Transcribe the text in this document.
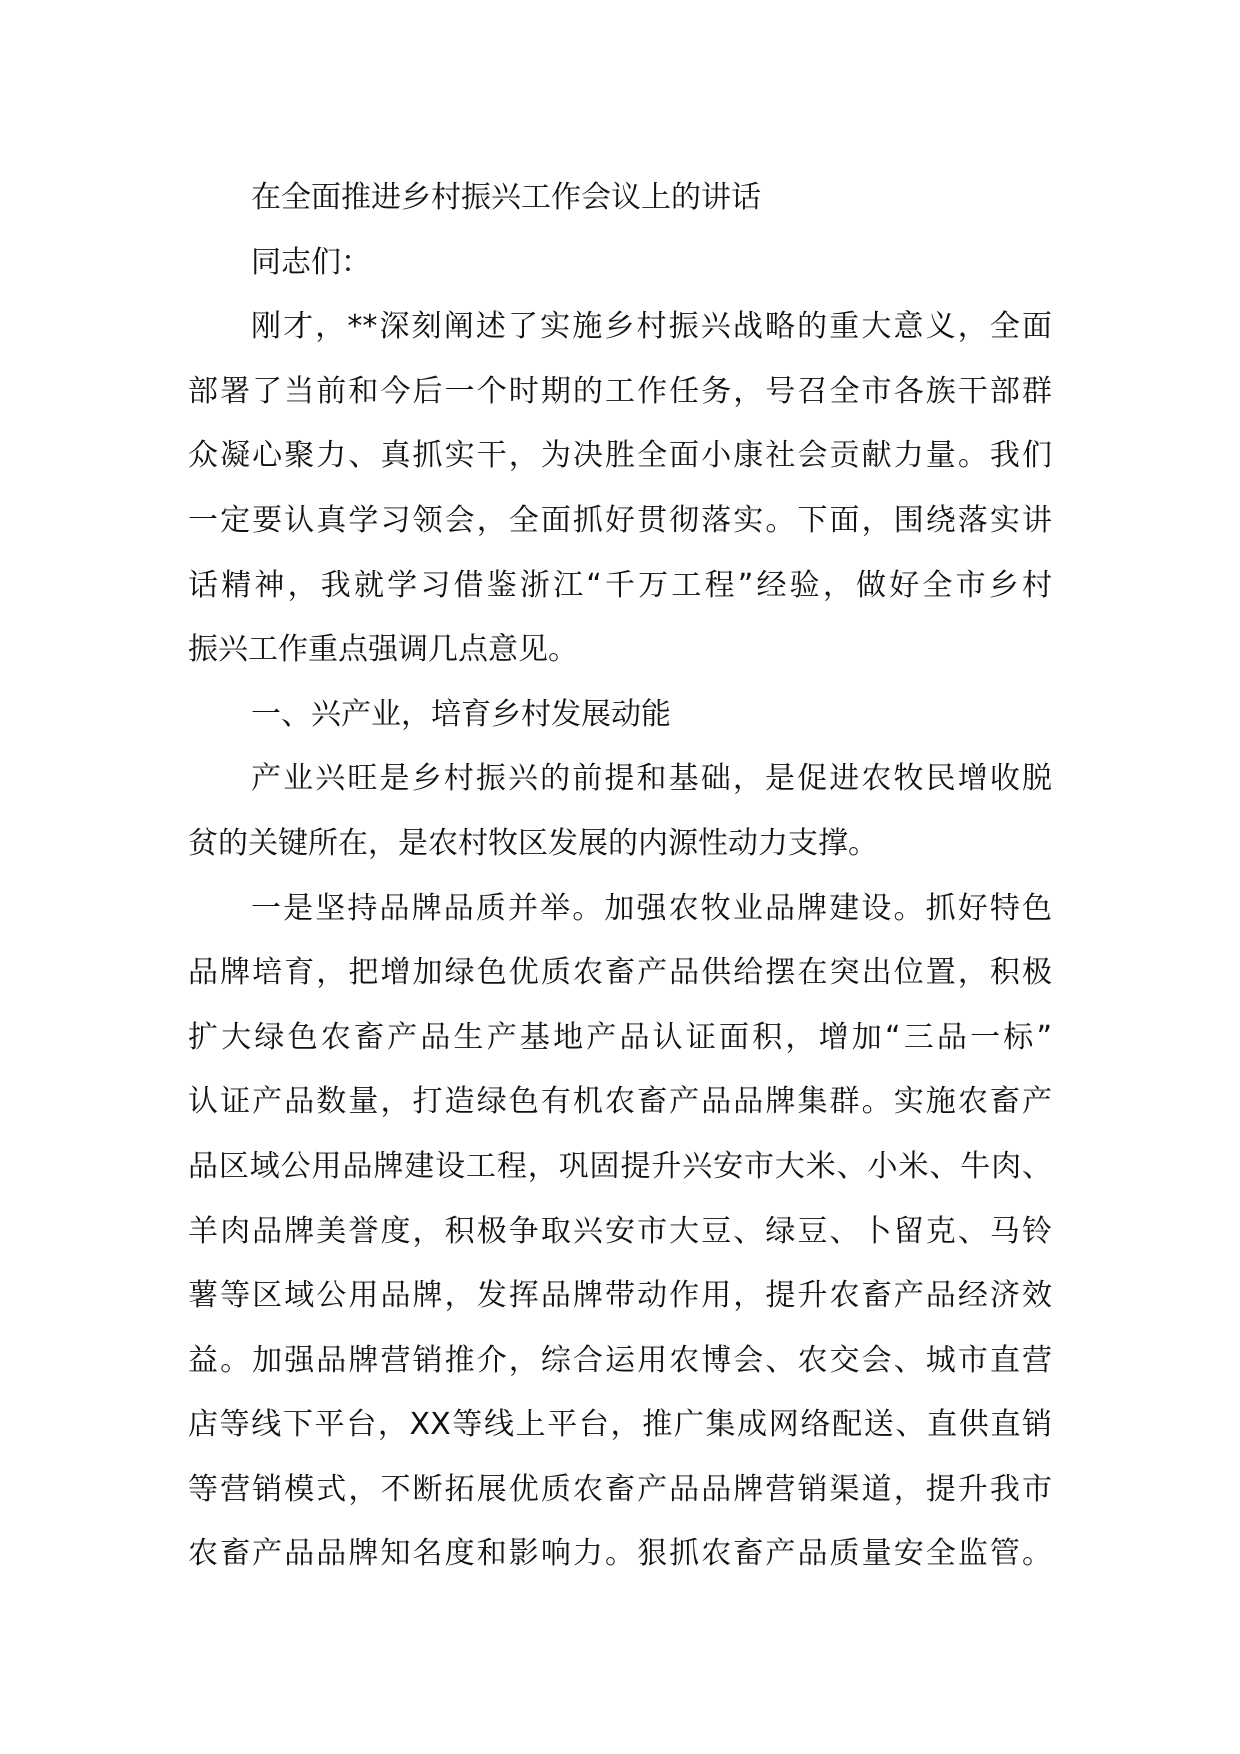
在全面推进乡村振兴工作会议上的讲话
同志们：
刚才，**深刻阐述了实施乡村振兴战略的重大意义，全面
部署了当前和今后一个时期的工作任务，号召全市各族干部群
众凝心聚力、真抓实干，为决胜全面小康社会贡献力量。我们
一定要认真学习领会，全面抓好贯彻落实。下面，围绕落实讲
话精神，我就学习借鉴浙江“千万工程”经验，做好全市乡村
振兴工作重点强调几点意见。
一、兴产业，培育乡村发展动能
产业兴旺是乡村振兴的前提和基础，是促进农牧民增收脱
贫的关键所在，是农村牧区发展的内源性动力支撑。
一是坚持品牌品质并举。加强农牧业品牌建设。抓好特色
品牌培育，把增加绿色优质农畜产品供给摆在突出位置，积极
扩大绿色农畜产品生产基地产品认证面积，增加“三品一标”
认证产品数量，打造绿色有机农畜产品品牌集群。实施农畜产
品区域公用品牌建设工程，巩固提升兴安市大米、小米、牛肉、
羊肉品牌美誉度，积极争取兴安市大豆、绿豆、卜留克、马铃
薯等区域公用品牌，发挥品牌带动作用，提升农畜产品经济效
益。加强品牌营销推介，综合运用农博会、农交会、城市直营
店等线下平台，XX等线上平台，推广集成网络配送、直供直销
等营销模式，不断拓展优质农畜产品品牌营销渠道，提升我市
农畜产品品牌知名度和影响力。狠抓农畜产品质量安全监管。
